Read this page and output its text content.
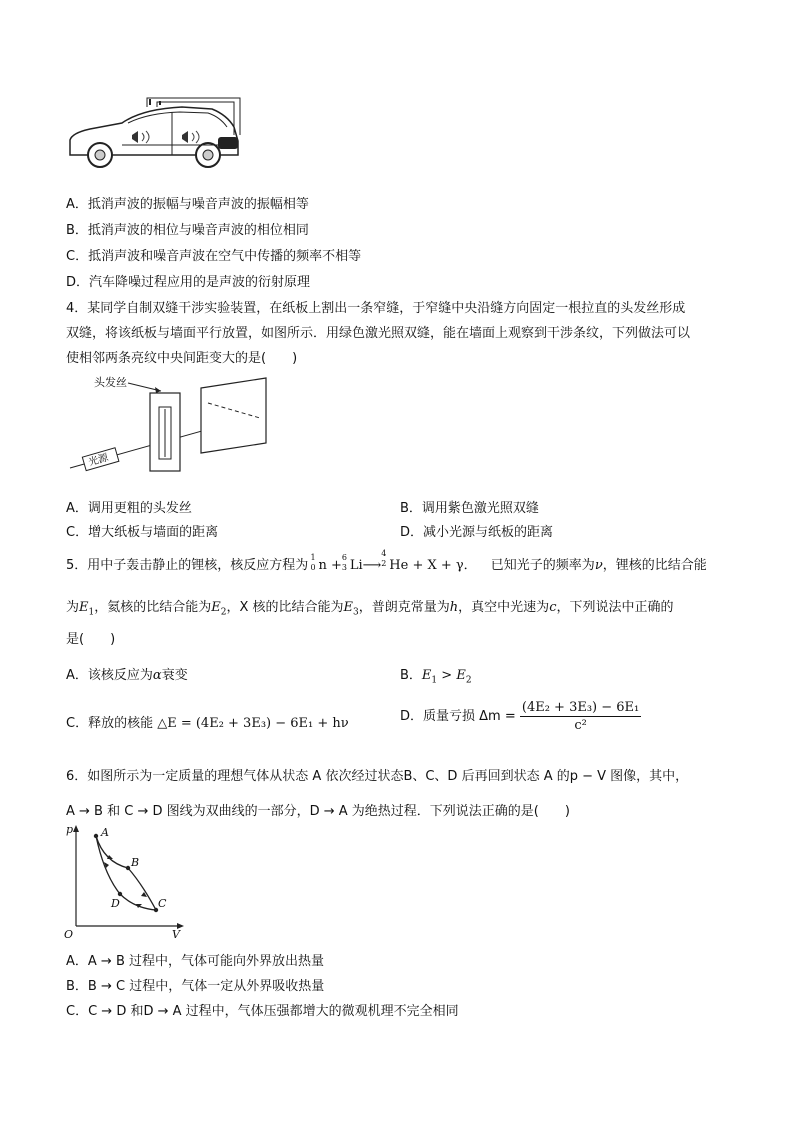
A．抵消声波的振幅与噪音声波的振幅相等
B．抵消声波的相位与噪音声波的相位相同
C．抵消声波和噪音声波在空气中传播的频率不相等
D．汽车降噪过程应用的是声波的衍射原理
4．某同学自制双缝干涉实验装置，在纸板上割出一条窄缝，于窄缝中央沿缝方向固定一根拉直的头发丝形成
双缝，将该纸板与墙面平行放置，如图所示．用绿色激光照双缝，能在墙面上观察到干涉条纹，下列做法可以
使相邻两条亮纹中央间距变大的是(　　)
头发丝
光源
A．调用更粗的头发丝	B．调用紫色激光照双缝
C．增大纸板与墙面的距离	D．减小光源与纸板的距离
5．用中子轰击静止的锂核，核反应方程为
1
0 n +
6
3 Li⟶
4
2 He + X + γ． 已知光子的频率为ν，锂核的比结合能
为$E_1$，氦核的比结合能为$E_2$，X 核的比结合能为$E_3$，普朗克常量为h，真空中光速为c，下列说法中正确的
是(　　)
A．该核反应为α衰变	B．$E_1 > E_2$
C．释放的核能 △E = (4E₂ + 3E₃) − 6E₁ + hν	D．质量亏损 $\Delta m = \frac{\text{(4E₂ + 3E₃) − 6E₁}}{\text{c²}}$
6．如图所示为一定质量的理想气体从状态 A 依次经过状态B、C、D 后再回到状态 A 的p − V 图像，其中，
A → B 和 C → D 图线为双曲线的一部分，D → A 为绝热过程．下列说法正确的是(　　)
p
V
O
A
B
C
D
A．A → B 过程中，气体可能向外界放出热量
B．B → C 过程中，气体一定从外界吸收热量
C．C → D 和D → A 过程中，气体压强都增大的微观机理不完全相同
